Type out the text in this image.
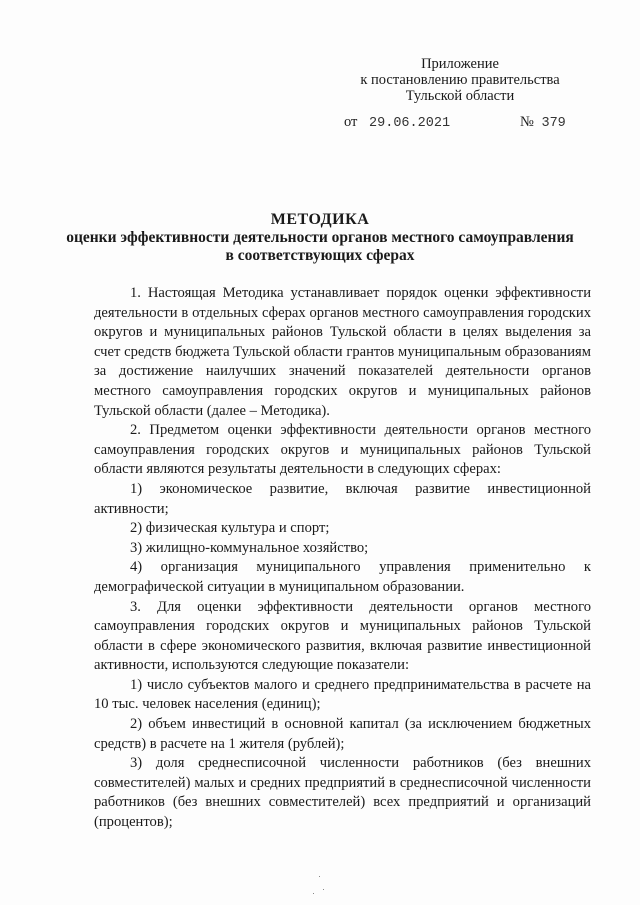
Приложение
к постановлению правительства
Тульской области
от 29.06.2021	№ 379
МЕТОДИКА
оценки эффективности деятельности органов местного самоуправления
в соответствующих сферах

1. Настоящая Методика устанавливает порядок оценки эффективности деятельности в отдельных сферах органов местного самоуправления городских округов и муниципальных районов Тульской области в целях выделения за счет средств бюджета Тульской области грантов муниципальным образованиям за достижение наилучших значений показателей деятельности органов местного самоуправления городских округов и муниципальных районов Тульской области (далее – Методика).

2. Предметом оценки эффективности деятельности органов местного самоуправления городских округов и муниципальных районов Тульской области являются результаты деятельности в следующих сферах:

1) экономическое развитие, включая развитие инвестиционной активности;

2) физическая культура и спорт;

3) жилищно-коммунальное хозяйство;

4) организация муниципального управления применительно к демографической ситуации в муниципальном образовании.

3. Для оценки эффективности деятельности органов местного самоуправления городских округов и муниципальных районов Тульской области в сфере экономического развития, включая развитие инвестиционной активности, используются следующие показатели:

1) число субъектов малого и среднего предпринимательства в расчете на 10 тыс. человек населения (единиц);

2) объем инвестиций в основной капитал (за исключением бюджетных средств) в расчете на 1 жителя (рублей);

3) доля среднесписочной численности работников (без внешних совместителей) малых и средних предприятий в среднесписочной численности работников (без внешних совместителей) всех предприятий и организаций (процентов);
